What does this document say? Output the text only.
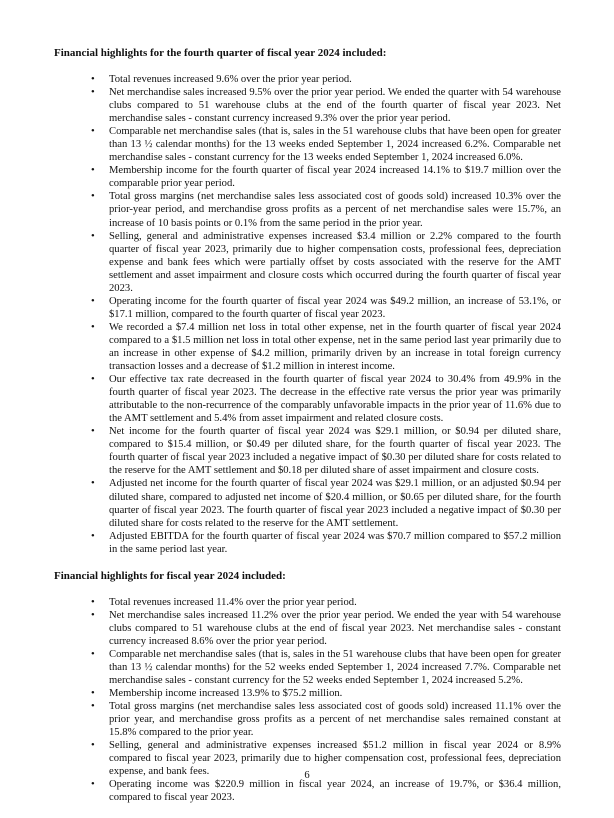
Financial highlights for the fourth quarter of fiscal year 2024 included:

• Total revenues increased 9.6% over the prior year period.
• Net merchandise sales increased 9.5% over the prior year period. We ended the quarter with 54 warehouse clubs compared to 51 warehouse clubs at the end of the fourth quarter of fiscal year 2023. Net merchandise sales - constant currency increased 9.3% over the prior year period.
• Comparable net merchandise sales (that is, sales in the 51 warehouse clubs that have been open for greater than 13 ½ calendar months) for the 13 weeks ended September 1, 2024 increased 6.2%. Comparable net merchandise sales - constant currency for the 13 weeks ended September 1, 2024 increased 6.0%.
• Membership income for the fourth quarter of fiscal year 2024 increased 14.1% to $19.7 million over the comparable prior year period.
• Total gross margins (net merchandise sales less associated cost of goods sold) increased 10.3% over the prior-year period, and merchandise gross profits as a percent of net merchandise sales were 15.7%, an increase of 10 basis points or 0.1% from the same period in the prior year.
• Selling, general and administrative expenses increased $3.4 million or 2.2% compared to the fourth quarter of fiscal year 2023, primarily due to higher compensation costs, professional fees, depreciation expense and bank fees which were partially offset by costs associated with the reserve for the AMT settlement and asset impairment and closure costs which occurred during the fourth quarter of fiscal year 2023.
• Operating income for the fourth quarter of fiscal year 2024 was $49.2 million, an increase of 53.1%, or $17.1 million, compared to the fourth quarter of fiscal year 2023.
• We recorded a $7.4 million net loss in total other expense, net in the fourth quarter of fiscal year 2024 compared to a $1.5 million net loss in total other expense, net in the same period last year primarily due to an increase in other expense of $4.2 million, primarily driven by an increase in total foreign currency transaction losses and a decrease of $1.2 million in interest income.
• Our effective tax rate decreased in the fourth quarter of fiscal year 2024 to 30.4% from 49.9% in the fourth quarter of fiscal year 2023. The decrease in the effective rate versus the prior year was primarily attributable to the non-recurrence of the comparably unfavorable impacts in the prior year of 11.6% due to the AMT settlement and 5.4% from asset impairment and related closure costs.
• Net income for the fourth quarter of fiscal year 2024 was $29.1 million, or $0.94 per diluted share, compared to $15.4 million, or $0.49 per diluted share, for the fourth quarter of fiscal year 2023. The fourth quarter of fiscal year 2023 included a negative impact of $0.30 per diluted share for costs related to the reserve for the AMT settlement and $0.18 per diluted share of asset impairment and closure costs.
• Adjusted net income for the fourth quarter of fiscal year 2024 was $29.1 million, or an adjusted $0.94 per diluted share, compared to adjusted net income of $20.4 million, or $0.65 per diluted share, for the fourth quarter of fiscal year 2023. The fourth quarter of fiscal year 2023 included a negative impact of $0.30 per diluted share for costs related to the reserve for the AMT settlement.
• Adjusted EBITDA for the fourth quarter of fiscal year 2024 was $70.7 million compared to $57.2 million in the same period last year.

Financial highlights for fiscal year 2024 included:

• Total revenues increased 11.4% over the prior year period.
• Net merchandise sales increased 11.2% over the prior year period. We ended the year with 54 warehouse clubs compared to 51 warehouse clubs at the end of fiscal year 2023. Net merchandise sales - constant currency increased 8.6% over the prior year period.
• Comparable net merchandise sales (that is, sales in the 51 warehouse clubs that have been open for greater than 13 ½ calendar months) for the 52 weeks ended September 1, 2024 increased 7.7%. Comparable net merchandise sales - constant currency for the 52 weeks ended September 1, 2024 increased 5.2%.
• Membership income increased 13.9% to $75.2 million.
• Total gross margins (net merchandise sales less associated cost of goods sold) increased 11.1% over the prior year, and merchandise gross profits as a percent of net merchandise sales remained constant at 15.8% compared to the prior year.
• Selling, general and administrative expenses increased $51.2 million in fiscal year 2024 or 8.9% compared to fiscal year 2023, primarily due to higher compensation cost, professional fees, depreciation expense, and bank fees.
• Operating income was $220.9 million in fiscal year 2024, an increase of 19.7%, or $36.4 million, compared to fiscal year 2023.
6
